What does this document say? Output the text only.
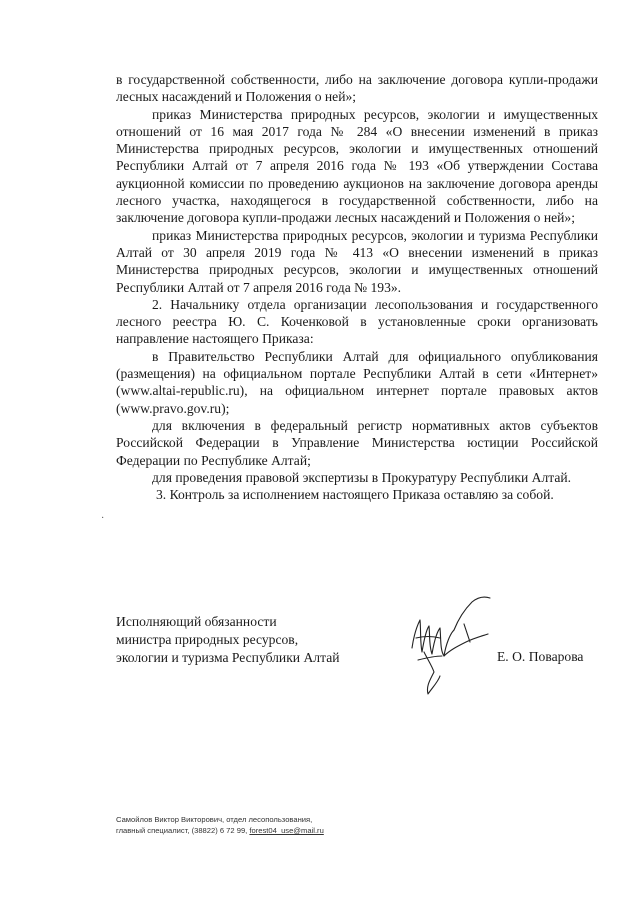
в государственной собственности, либо на заключение договора купли-продажи лесных насаждений и Положения о ней»;

приказ Министерства природных ресурсов, экологии и имущественных отношений от 16 мая 2017 года № 284 «О внесении изменений в приказ Министерства природных ресурсов, экологии и имущественных отношений Республики Алтай от 7 апреля 2016 года № 193 «Об утверждении Состава аукционной комиссии по проведению аукционов на заключение договора аренды лесного участка, находящегося в государственной собственности, либо на заключение договора купли-продажи лесных насаждений и Положения о ней»;

приказ Министерства природных ресурсов, экологии и туризма Республики Алтай от 30 апреля 2019 года № 413 «О внесении изменений в приказ Министерства природных ресурсов, экологии и имущественных отношений Республики Алтай от 7 апреля 2016 года № 193».

2. Начальнику отдела организации лесопользования и государственного лесного реестра Ю. С. Коченковой в установленные сроки организовать направление настоящего Приказа:

в Правительство Республики Алтай для официального опубликования (размещения) на официальном портале Республики Алтай в сети «Интернет» (www.altai-republic.ru), на официальном интернет портале правовых актов (www.pravo.gov.ru);

для включения в федеральный регистр нормативных актов субъектов Российской Федерации в Управление Министерства юстиции Российской Федерации по Республике Алтай;

для проведения правовой экспертизы в Прокуратуру Республики Алтай.

3. Контроль за исполнением настоящего Приказа оставляю за собой.

·

Исполняющий обязанности

министра природных ресурсов,

экологии и туризма Республики Алтай	Е. О. Поварова

Самойлов Виктор Викторович, отдел лесопользования,

главный специалист, (38822) 6 72 99, forest04_use@mail.ru
